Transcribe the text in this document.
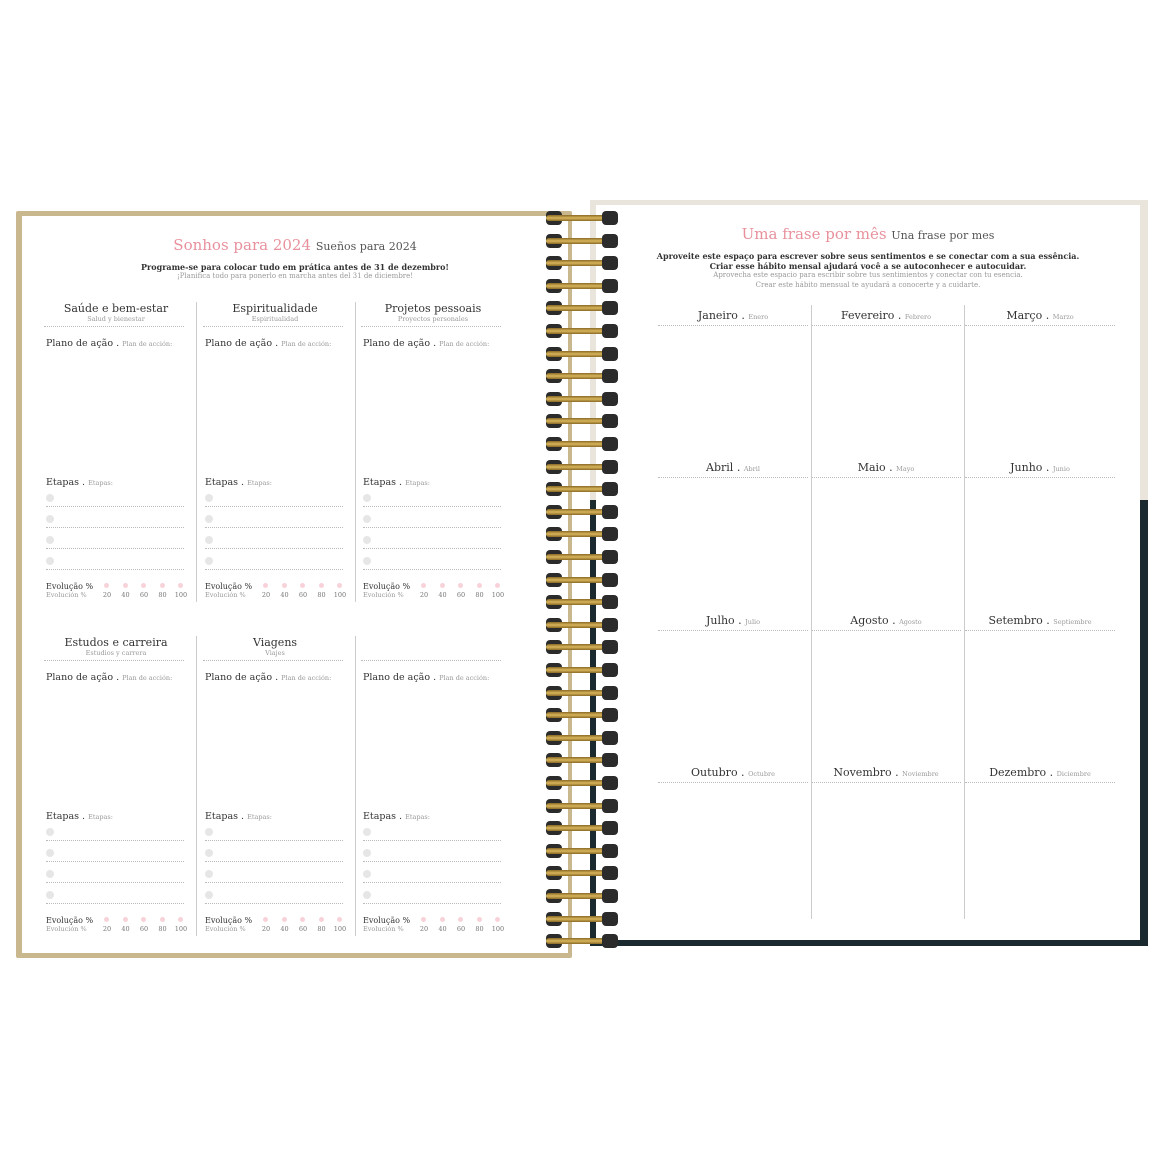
Sonhos para 2024 Sueños para 2024
Programe-se para colocar tudo em prática antes de 31 de dezembro!
¡Planifica todo para ponerlo en marcha antes del 31 de diciembre!
Saúde e bem-estar
Salud y bienestar
Plano de ação . Plan de acción:
Etapas . Etapas:
Evolução %
Evolución %	20	40	60	80	100
Espiritualidade
Espiritualidad
Plano de ação . Plan de acción:
Etapas . Etapas:
Evolução %
Evolución %	20	40	60	80	100
Projetos pessoais
Proyectos personales
Plano de ação . Plan de acción:
Etapas . Etapas:
Evolução %
Evolución %	20	40	60	80	100
Estudos e carreira
Estudios y carrera
Plano de ação . Plan de acción:
Etapas . Etapas:
Evolução %
Evolución %	20	40	60	80	100
Viagens
Viajes
Plano de ação . Plan de acción:
Etapas . Etapas:
Evolução %
Evolución %	20	40	60	80	100
Plano de ação . Plan de acción:
Etapas . Etapas:
Evolução %
Evolución %	20	40	60	80	100
Uma frase por mês Una frase por mes
Aproveite este espaço para escrever sobre seus sentimentos e se conectar com a sua essência.
Criar esse hábito mensal ajudará você a se autoconhecer e autocuidar.
Aprovecha este espacio para escribir sobre tus sentimientos y conectar con tu esencia.
Crear este hábito mensual te ayudará a conocerte y a cuidarte.
Janeiro . Enero	Fevereiro . Febrero	Março . Marzo
Abril . Abril	Maio . Mayo	Junho . Junio
Julho . Julio	Agosto . Agosto	Setembro . Septiembre
Outubro . Octubre	Novembro . Noviembre	Dezembro . Diciembre
